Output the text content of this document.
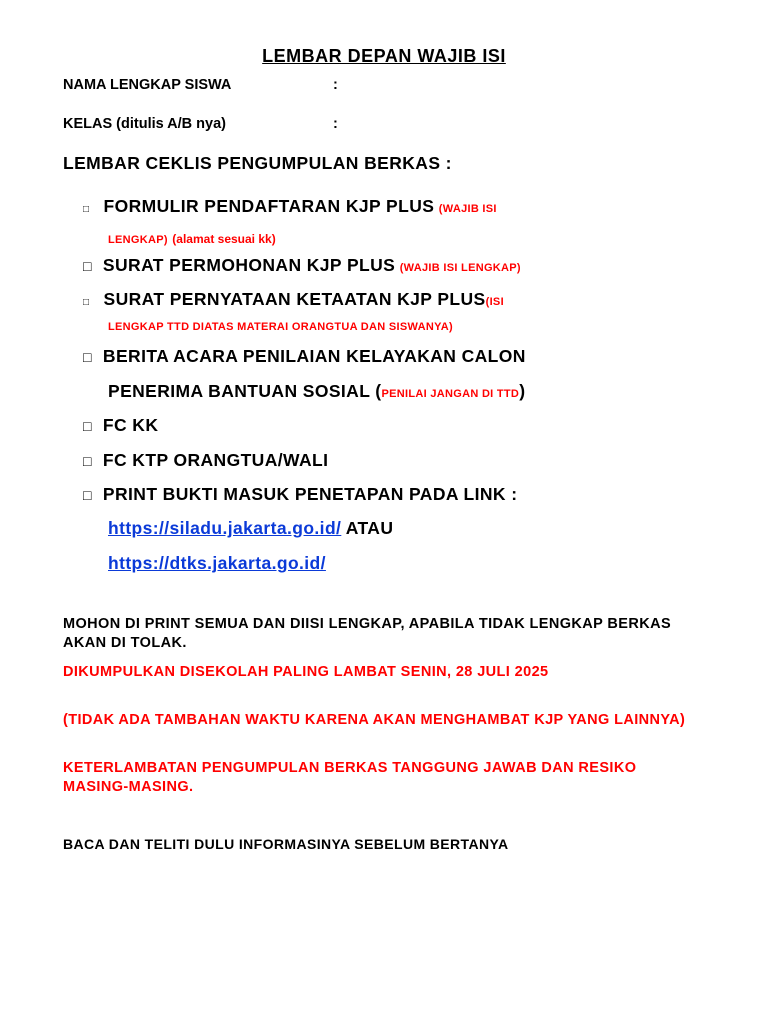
LEMBAR DEPAN WAJIB ISI
NAMA LENGKAP SISWA	:
KELAS (ditulis A/B nya)	:
LEMBAR CEKLIS PENGUMPULAN BERKAS :
□ FORMULIR PENDAFTARAN KJP PLUS (WAJIB ISI
LENGKAP) (alamat sesuai kk)
□ SURAT PERMOHONAN KJP PLUS (WAJIB ISI LENGKAP)
□ SURAT PERNYATAAN KETAATAN KJP PLUS(ISI
LENGKAP TTD DIATAS MATERAI ORANGTUA DAN SISWANYA)
□ BERITA ACARA PENILAIAN KELAYAKAN CALON
PENERIMA BANTUAN SOSIAL (PENILAI JANGAN DI TTD)
□ FC KK
□ FC KTP ORANGTUA/WALI
□ PRINT BUKTI MASUK PENETAPAN PADA LINK :
https://siladu.jakarta.go.id/ ATAU
https://dtks.jakarta.go.id/
MOHON DI PRINT SEMUA DAN DIISI LENGKAP, APABILA TIDAK LENGKAP BERKAS AKAN DI TOLAK.
DIKUMPULKAN DISEKOLAH PALING LAMBAT SENIN, 28 JULI 2025
(TIDAK ADA TAMBAHAN WAKTU KARENA AKAN MENGHAMBAT KJP YANG LAINNYA)
KETERLAMBATAN PENGUMPULAN BERKAS TANGGUNG JAWAB DAN RESIKO MASING-MASING.
BACA DAN TELITI DULU INFORMASINYA SEBELUM BERTANYA
